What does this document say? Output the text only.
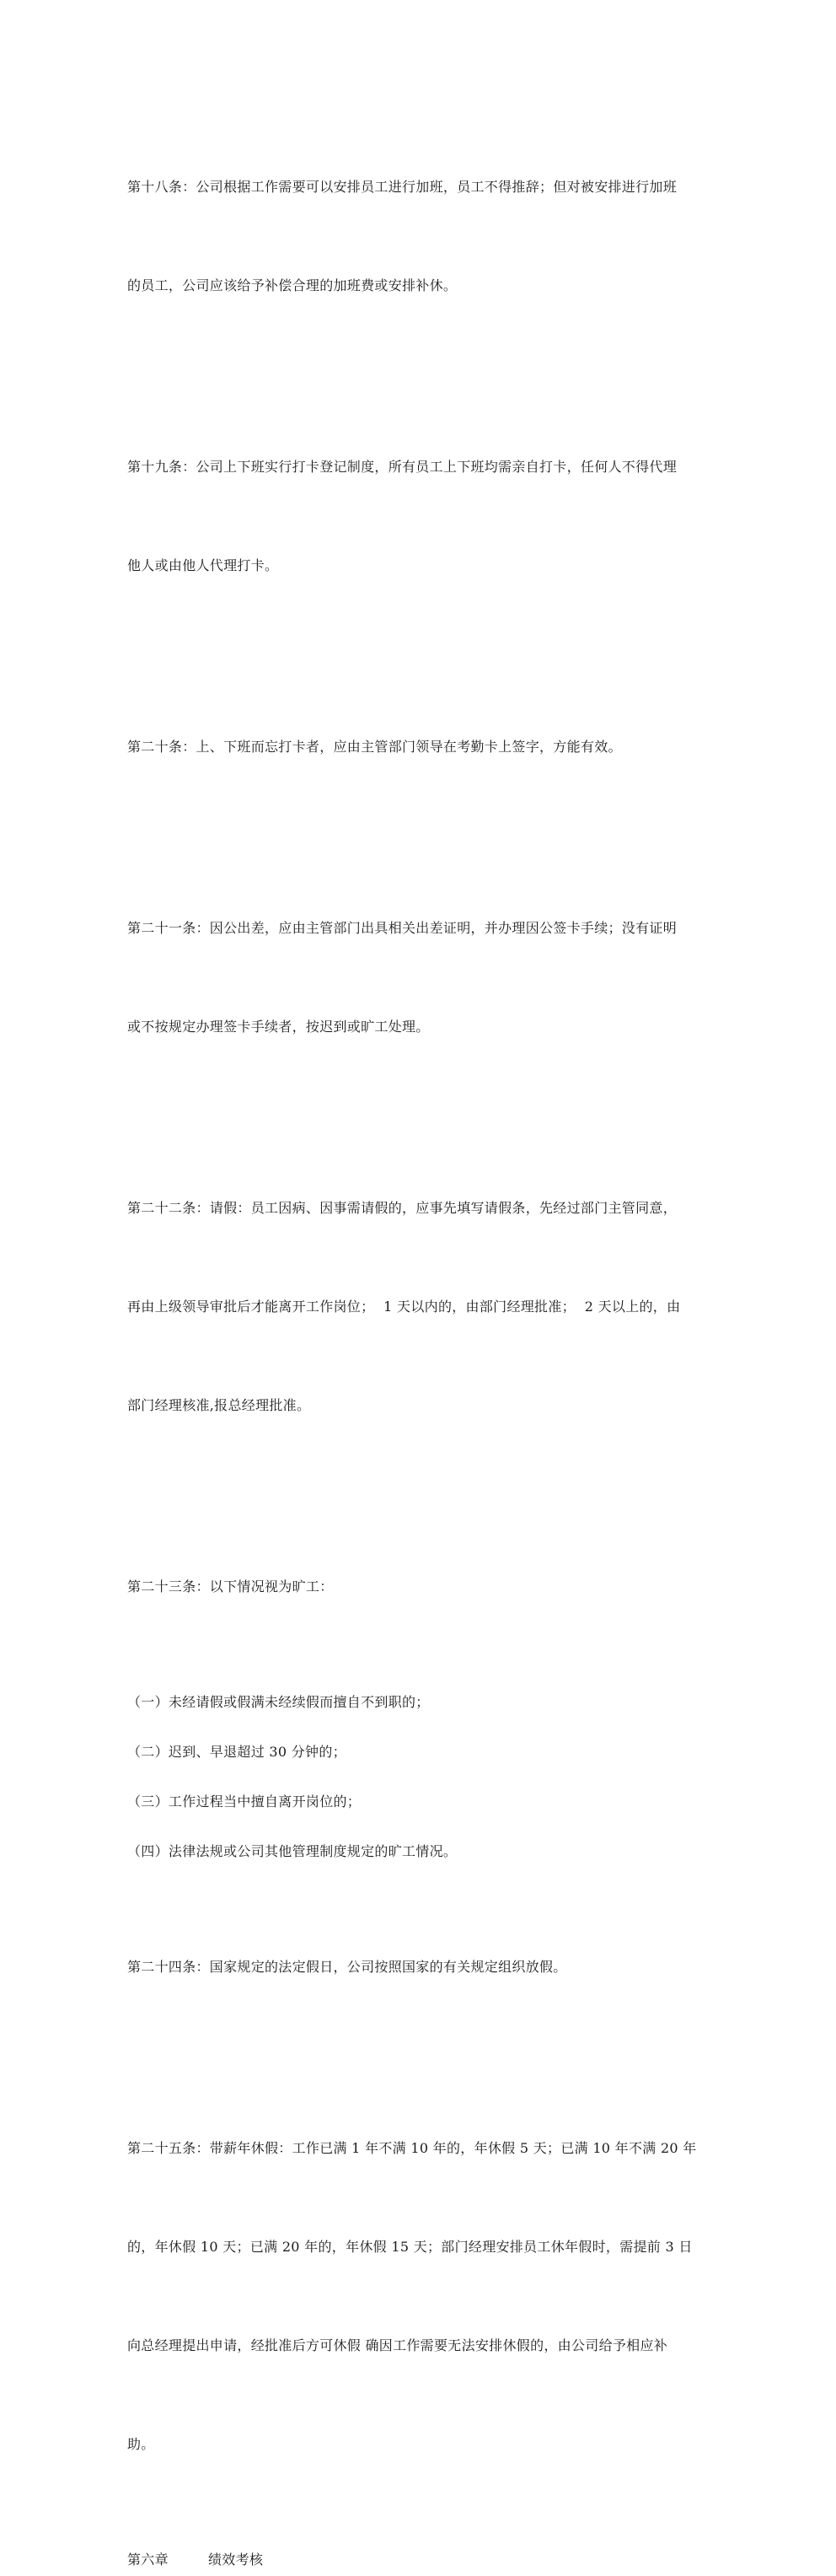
第十八条：公司根据工作需要可以安排员工进行加班，员工不得推辞；但对被安排进行加班

的员工，公司应该给予补偿合理的加班费或安排补休。

第十九条：公司上下班实行打卡登记制度，所有员工上下班均需亲自打卡，任何人不得代理

他人或由他人代理打卡。

第二十条：上、下班而忘打卡者，应由主管部门领导在考勤卡上签字，方能有效。

第二十一条：因公出差，应由主管部门出具相关出差证明，并办理因公签卡手续；没有证明

或不按规定办理签卡手续者，按迟到或旷工处理。

第二十二条：请假：员工因病、因事需请假的，应事先填写请假条，先经过部门主管同意，

再由上级领导审批后才能离开工作岗位；  1 天以内的，由部门经理批准；  2 天以上的，由

部门经理核准,报总经理批准。

第二十三条：以下情况视为旷工：

（一）未经请假或假满未经续假而擅自不到职的；
（二）迟到、早退超过 30 分钟的；
（三）工作过程当中擅自离开岗位的；
（四）法律法规或公司其他管理制度规定的旷工情况。

第二十四条：国家规定的法定假日，公司按照国家的有关规定组织放假。

第二十五条：带薪年休假：工作已满 1 年不满 10 年的，年休假 5 天；已满 10 年不满 20 年

的，年休假 10 天；已满 20 年的，年休假 15 天；部门经理安排员工休年假时，需提前 3 日

向总经理提出申请，经批准后方可休假 确因工作需要无法安排休假的，由公司给予相应补

助。

第六章	绩效考核
